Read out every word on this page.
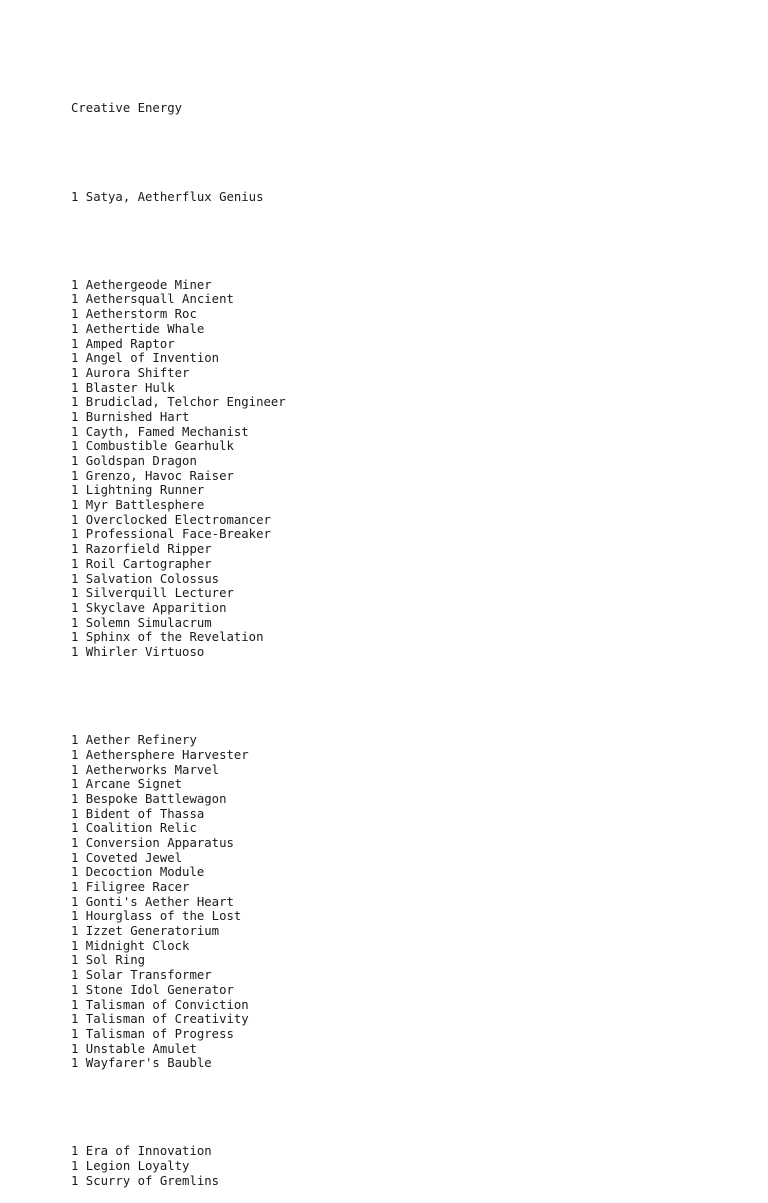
Creative Energy

1 Satya, Aetherflux Genius

1 Aethergeode Miner
1 Aethersquall Ancient
1 Aetherstorm Roc
1 Aethertide Whale
1 Amped Raptor
1 Angel of Invention
1 Aurora Shifter
1 Blaster Hulk
1 Brudiclad, Telchor Engineer
1 Burnished Hart
1 Cayth, Famed Mechanist
1 Combustible Gearhulk
1 Goldspan Dragon
1 Grenzo, Havoc Raiser
1 Lightning Runner
1 Myr Battlesphere
1 Overclocked Electromancer
1 Professional Face-Breaker
1 Razorfield Ripper
1 Roil Cartographer
1 Salvation Colossus
1 Silverquill Lecturer
1 Skyclave Apparition
1 Solemn Simulacrum
1 Sphinx of the Revelation
1 Whirler Virtuoso

1 Aether Refinery
1 Aethersphere Harvester
1 Aetherworks Marvel
1 Arcane Signet
1 Bespoke Battlewagon
1 Bident of Thassa
1 Coalition Relic
1 Conversion Apparatus
1 Coveted Jewel
1 Decoction Module
1 Filigree Racer
1 Gonti's Aether Heart
1 Hourglass of the Lost
1 Izzet Generatorium
1 Midnight Clock
1 Sol Ring
1 Solar Transformer
1 Stone Idol Generator
1 Talisman of Conviction
1 Talisman of Creativity
1 Talisman of Progress
1 Unstable Amulet
1 Wayfarer's Bauble

1 Era of Innovation
1 Legion Loyalty
1 Scurry of Gremlins
